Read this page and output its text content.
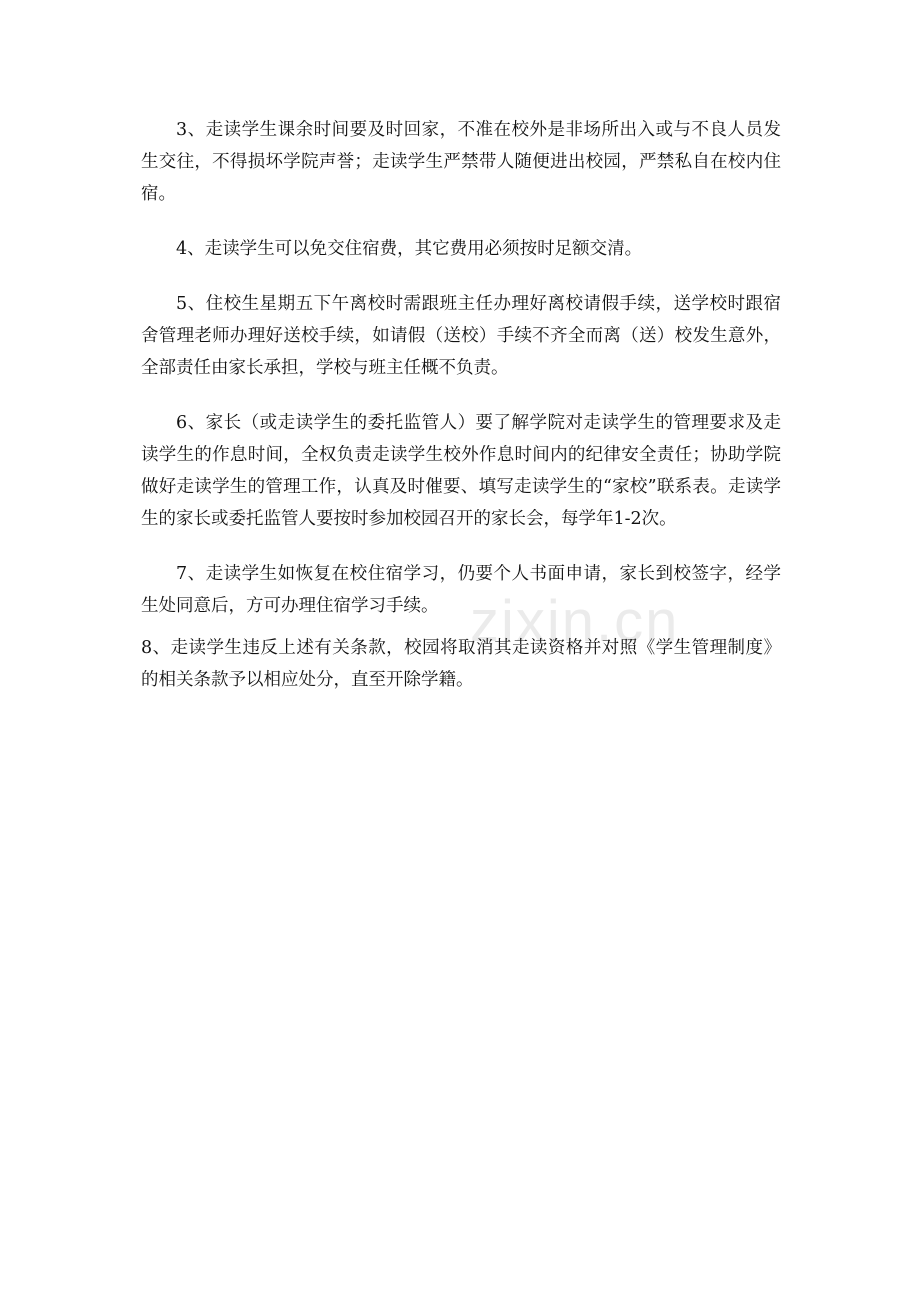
zixin.cn

3、走读学生课余时间要及时回家，不准在校外是非场所出入或与不良人员发生交往，不得损坏学院声誉；走读学生严禁带人随便进出校园，严禁私自在校内住宿。

4、走读学生可以免交住宿费，其它费用必须按时足额交清。

5、住校生星期五下午离校时需跟班主任办理好离校请假手续，送学校时跟宿舍管理老师办理好送校手续，如请假（送校）手续不齐全而离（送）校发生意外，全部责任由家长承担，学校与班主任概不负责。

6、家长（或走读学生的委托监管人）要了解学院对走读学生的管理要求及走读学生的作息时间，全权负责走读学生校外作息时间内的纪律安全责任；协助学院做好走读学生的管理工作，认真及时催要、填写走读学生的“家校”联系表。走读学生的家长或委托监管人要按时参加校园召开的家长会，每学年1-2次。

7、走读学生如恢复在校住宿学习，仍要个人书面申请，家长到校签字，经学生处同意后，方可办理住宿学习手续。

8、走读学生违反上述有关条款，校园将取消其走读资格并对照《学生管理制度》的相关条款予以相应处分，直至开除学籍。
